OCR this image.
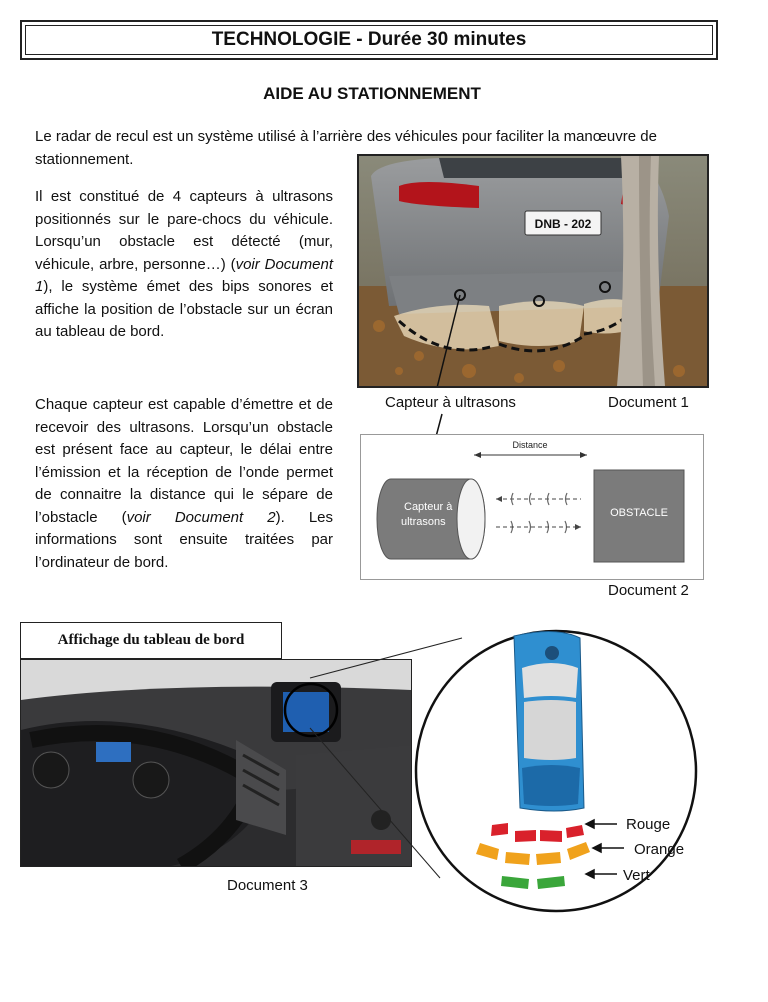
TECHNOLOGIE - Durée 30 minutes
AIDE AU STATIONNEMENT
Le radar de recul est un système utilisé à l’arrière des véhicules pour faciliter la manœuvre de stationnement.
Il est constitué de 4 capteurs à ultrasons positionnés sur le pare-chocs du véhicule. Lorsqu’un obstacle est détecté (mur, véhicule, arbre, personne…) (voir Document 1), le système émet des bips sonores et affiche la position de l’obstacle sur un écran au tableau de bord.
Chaque capteur est capable d’émettre et de recevoir des ultrasons. Lorsqu’un obstacle est présent face au capteur, le délai entre l’émission et la réception de l’onde permet de connaitre la distance qui le sépare de l’obstacle (voir Document 2). Les informations sont ensuite traitées par l’ordinateur de bord.
DNB - 202
Capteur à ultrasons	Document 1
Distance
Capteur à
ultrasons
OBSTACLE
Document 2
Affichage du tableau de bord
Document 3
Rouge
Orange
Vert
